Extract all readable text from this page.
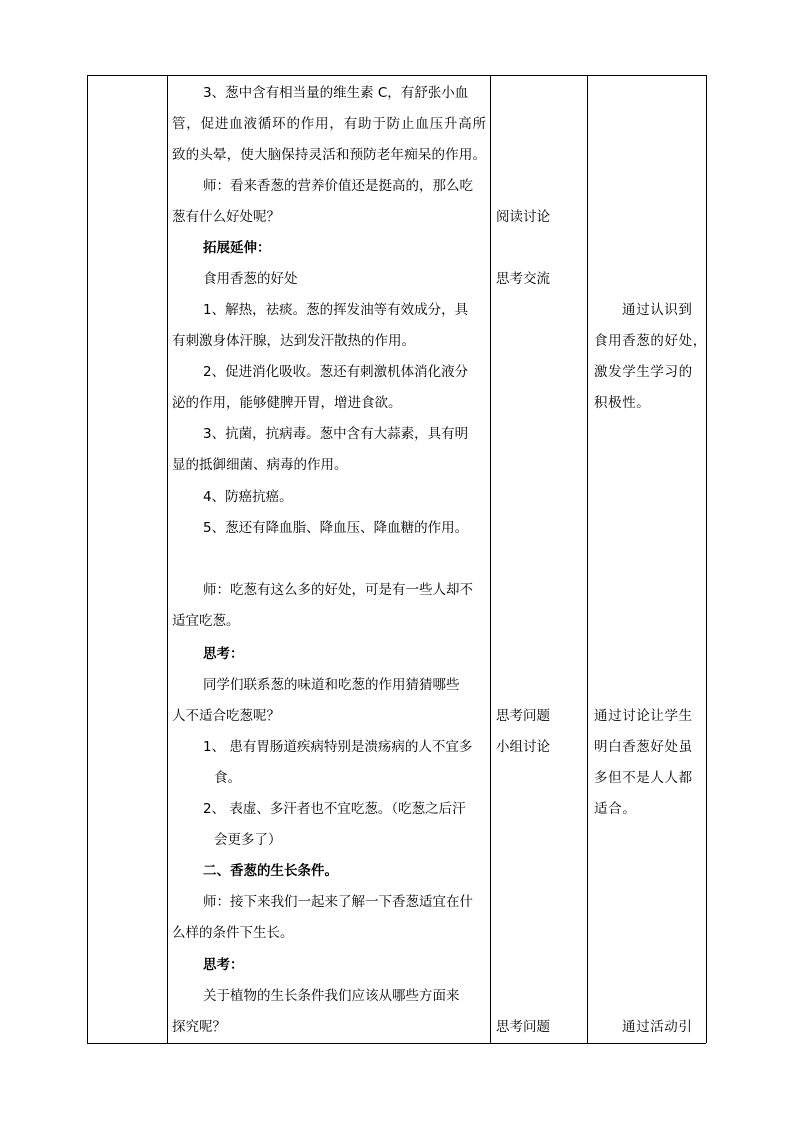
3、葱中含有相当量的维生素 C，有舒张小血
管，促进血液循环的作用，有助于防止血压升高所
致的头晕，使大脑保持灵活和预防老年痴呆的作用。
师：看来香葱的营养价值还是挺高的，那么吃
葱有什么好处呢？
拓展延伸：
食用香葱的好处
1、解热，祛痰。葱的挥发油等有效成分，具
有刺激身体汗腺，达到发汗散热的作用。
2、促进消化吸收。葱还有刺激机体消化液分
泌的作用，能够健脾开胃，增进食欲。
3、抗菌，抗病毒。葱中含有大蒜素，具有明
显的抵御细菌、病毒的作用。
4、防癌抗癌。
5、葱还有降血脂、降血压、降血糖的作用。
师：吃葱有这么多的好处，可是有一些人却不
适宜吃葱。
思考：
同学们联系葱的味道和吃葱的作用猜猜哪些
人不适合吃葱呢？
1、 患有胃肠道疾病特别是溃疡病的人不宜多
食。
2、 表虚、多汗者也不宜吃葱。（吃葱之后汗
会更多了）
二、香葱的生长条件。
师：接下来我们一起来了解一下香葱适宜在什
么样的条件下生长。
思考：
关于植物的生长条件我们应该从哪些方面来
探究呢？
阅读讨论
思考交流
思考问题
小组讨论
思考问题
通过认识到
食用香葱的好处，
激发学生学习的
积极性。
通过讨论让学生
明白香葱好处虽
多但不是人人都
适合。
通过活动引
